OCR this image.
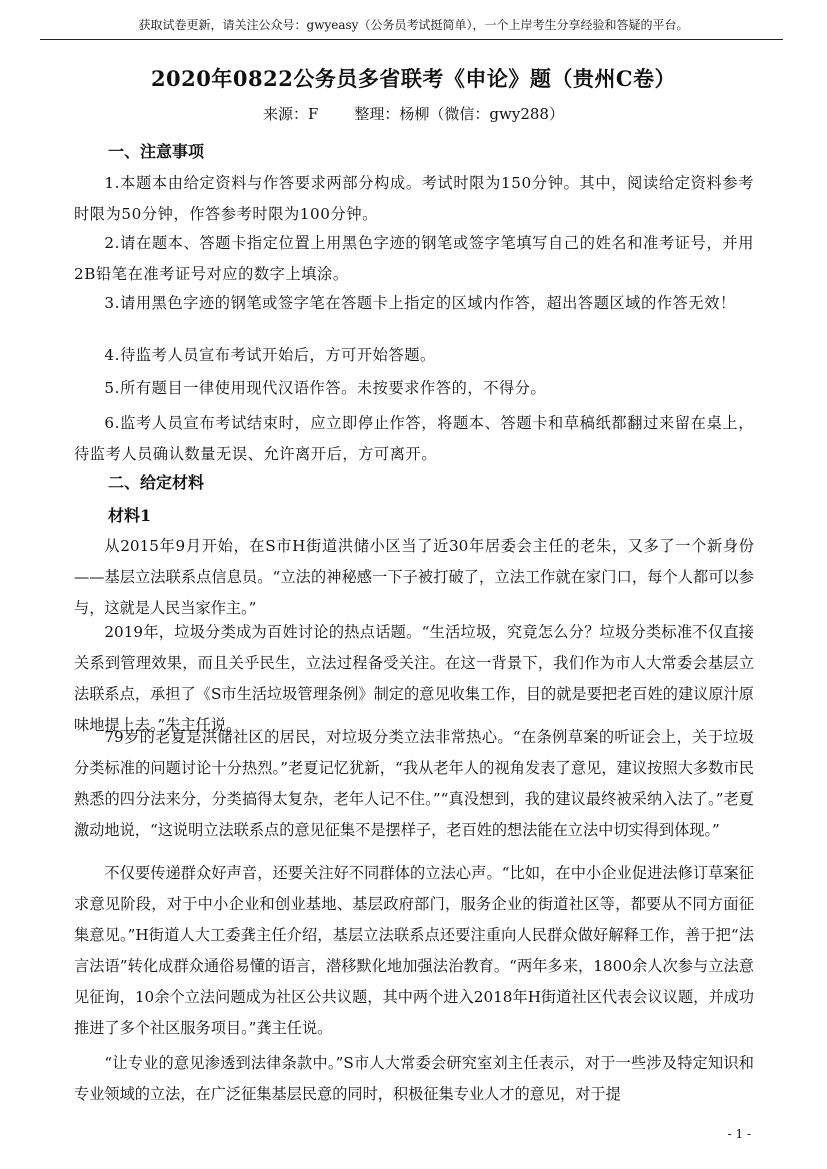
获取试卷更新，请关注公众号：gwyeasy（公务员考试挺简单），一个上岸考生分享经验和答疑的平台。
2020年0822公务员多省联考《申论》题（贵州C卷）
来源：F 整理：杨柳（微信：gwy288）
一、注意事项

1.本题本由给定资料与作答要求两部分构成。考试时限为150分钟。其中，阅读给定资料参考时限为50分钟，作答参考时限为100分钟。

2.请在题本、答题卡指定位置上用黑色字迹的钢笔或签字笔填写自己的姓名和准考证号，并用2B铅笔在准考证号对应的数字上填涂。

3.请用黑色字迹的钢笔或签字笔在答题卡上指定的区域内作答，超出答题区域的作答无效！

4.待监考人员宣布考试开始后，方可开始答题。

5.所有题目一律使用现代汉语作答。未按要求作答的，不得分。

6.监考人员宣布考试结束时，应立即停止作答，将题本、答题卡和草稿纸都翻过来留在桌上，待监考人员确认数量无误、允许离开后，方可离开。

二、给定材料
材料1

从2015年9月开始，在S市H街道洪储小区当了近30年居委会主任的老朱，又多了一个新身份——基层立法联系点信息员。“立法的神秘感一下子被打破了，立法工作就在家门口，每个人都可以参与，这就是人民当家作主。”

2019年，垃圾分类成为百姓讨论的热点话题。“生活垃圾，究竟怎么分？垃圾分类标准不仅直接关系到管理效果，而且关乎民生，立法过程备受关注。在这一背景下，我们作为市人大常委会基层立法联系点，承担了《S市生活垃圾管理条例》制定的意见收集工作，目的就是要把老百姓的建议原汁原味地提上去。”朱主任说。

79岁的老夏是洪储社区的居民，对垃圾分类立法非常热心。“在条例草案的听证会上，关于垃圾分类标准的问题讨论十分热烈。”老夏记忆犹新，“我从老年人的视角发表了意见，建议按照大多数市民熟悉的四分法来分，分类搞得太复杂，老年人记不住。”“真没想到，我的建议最终被采纳入法了。”老夏激动地说，“这说明立法联系点的意见征集不是摆样子，老百姓的想法能在立法中切实得到体现。”

不仅要传递群众好声音，还要关注好不同群体的立法心声。“比如，在中小企业促进法修订草案征求意见阶段，对于中小企业和创业基地、基层政府部门，服务企业的街道社区等，都要从不同方面征集意见。”H街道人大工委龚主任介绍，基层立法联系点还要注重向人民群众做好解释工作，善于把“法言法语”转化成群众通俗易懂的语言，潜移默化地加强法治教育。“两年多来，1800余人次参与立法意见征询，10余个立法问题成为社区公共议题，其中两个进入2018年H街道社区代表会议议题，并成功推进了多个社区服务项目。”龚主任说。

“让专业的意见渗透到法律条款中。”S市人大常委会研究室刘主任表示，对于一些涉及特定知识和专业领域的立法，在广泛征集基层民意的同时，积极征集专业人才的意见，对于提

- 1 -
